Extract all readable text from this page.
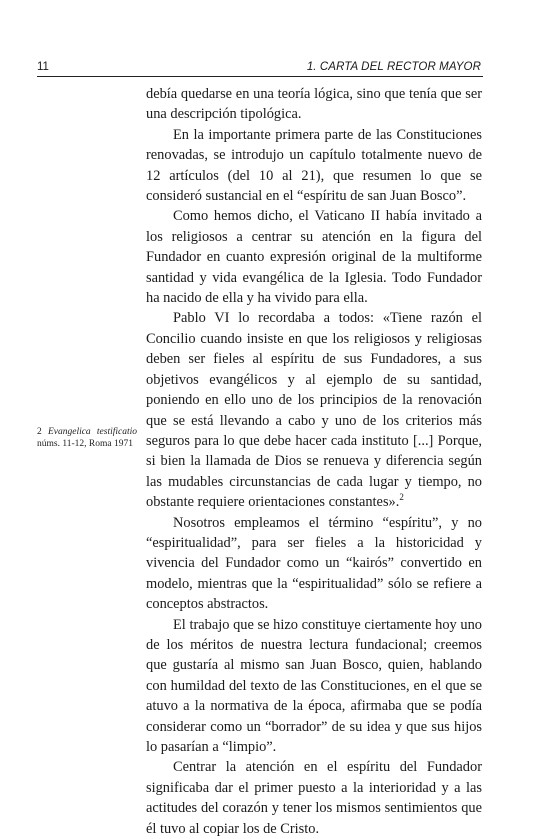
11	1. CARTA DEL RECTOR MAYOR
2 Evangelica testificatio núms. 11-12, Roma 1971

debía quedarse en una teoría lógica, sino que tenía que ser una descripción tipológica.

En la importante primera parte de las Constituciones renovadas, se introdujo un capítulo totalmente nuevo de 12 artículos (del 10 al 21), que resumen lo que se consideró sustancial en el “espíritu de san Juan Bosco”.

Como hemos dicho, el Vaticano II había invitado a los religiosos a centrar su atención en la figura del Fundador en cuanto expresión original de la multiforme santidad y vida evangélica de la Iglesia. Todo Fundador ha nacido de ella y ha vivido para ella.

Pablo VI lo recordaba a todos: «Tiene razón el Concilio cuando insiste en que los religiosos y religiosas deben ser fieles al espíritu de sus Fundadores, a sus objetivos evangélicos y al ejemplo de su santidad, poniendo en ello uno de los principios de la renovación que se está llevando a cabo y uno de los criterios más seguros para lo que debe hacer cada instituto [...] Porque, si bien la llamada de Dios se renueva y diferencia según las mudables circunstancias de cada lugar y tiempo, no obstante requiere orientaciones constantes».$^2$

Nosotros empleamos el término “espíritu”, y no “espiritualidad”, para ser fieles a la historicidad y vivencia del Fundador como un “kairós” convertido en modelo, mientras que la “espiritualidad” sólo se refiere a conceptos abstractos.

El trabajo que se hizo constituye ciertamente hoy uno de los méritos de nuestra lectura fundacional; creemos que gustaría al mismo san Juan Bosco, quien, hablando con humildad del texto de las Constituciones, en el que se atuvo a la normativa de la época, afirmaba que se podía considerar como un “borrador” de su idea y que sus hijos lo pasarían a “limpio”.

Centrar la atención en el espíritu del Fundador significaba dar el primer puesto a la interioridad y a las actitudes del corazón y tener los mismos sentimientos que él tuvo al copiar los de Cristo.
